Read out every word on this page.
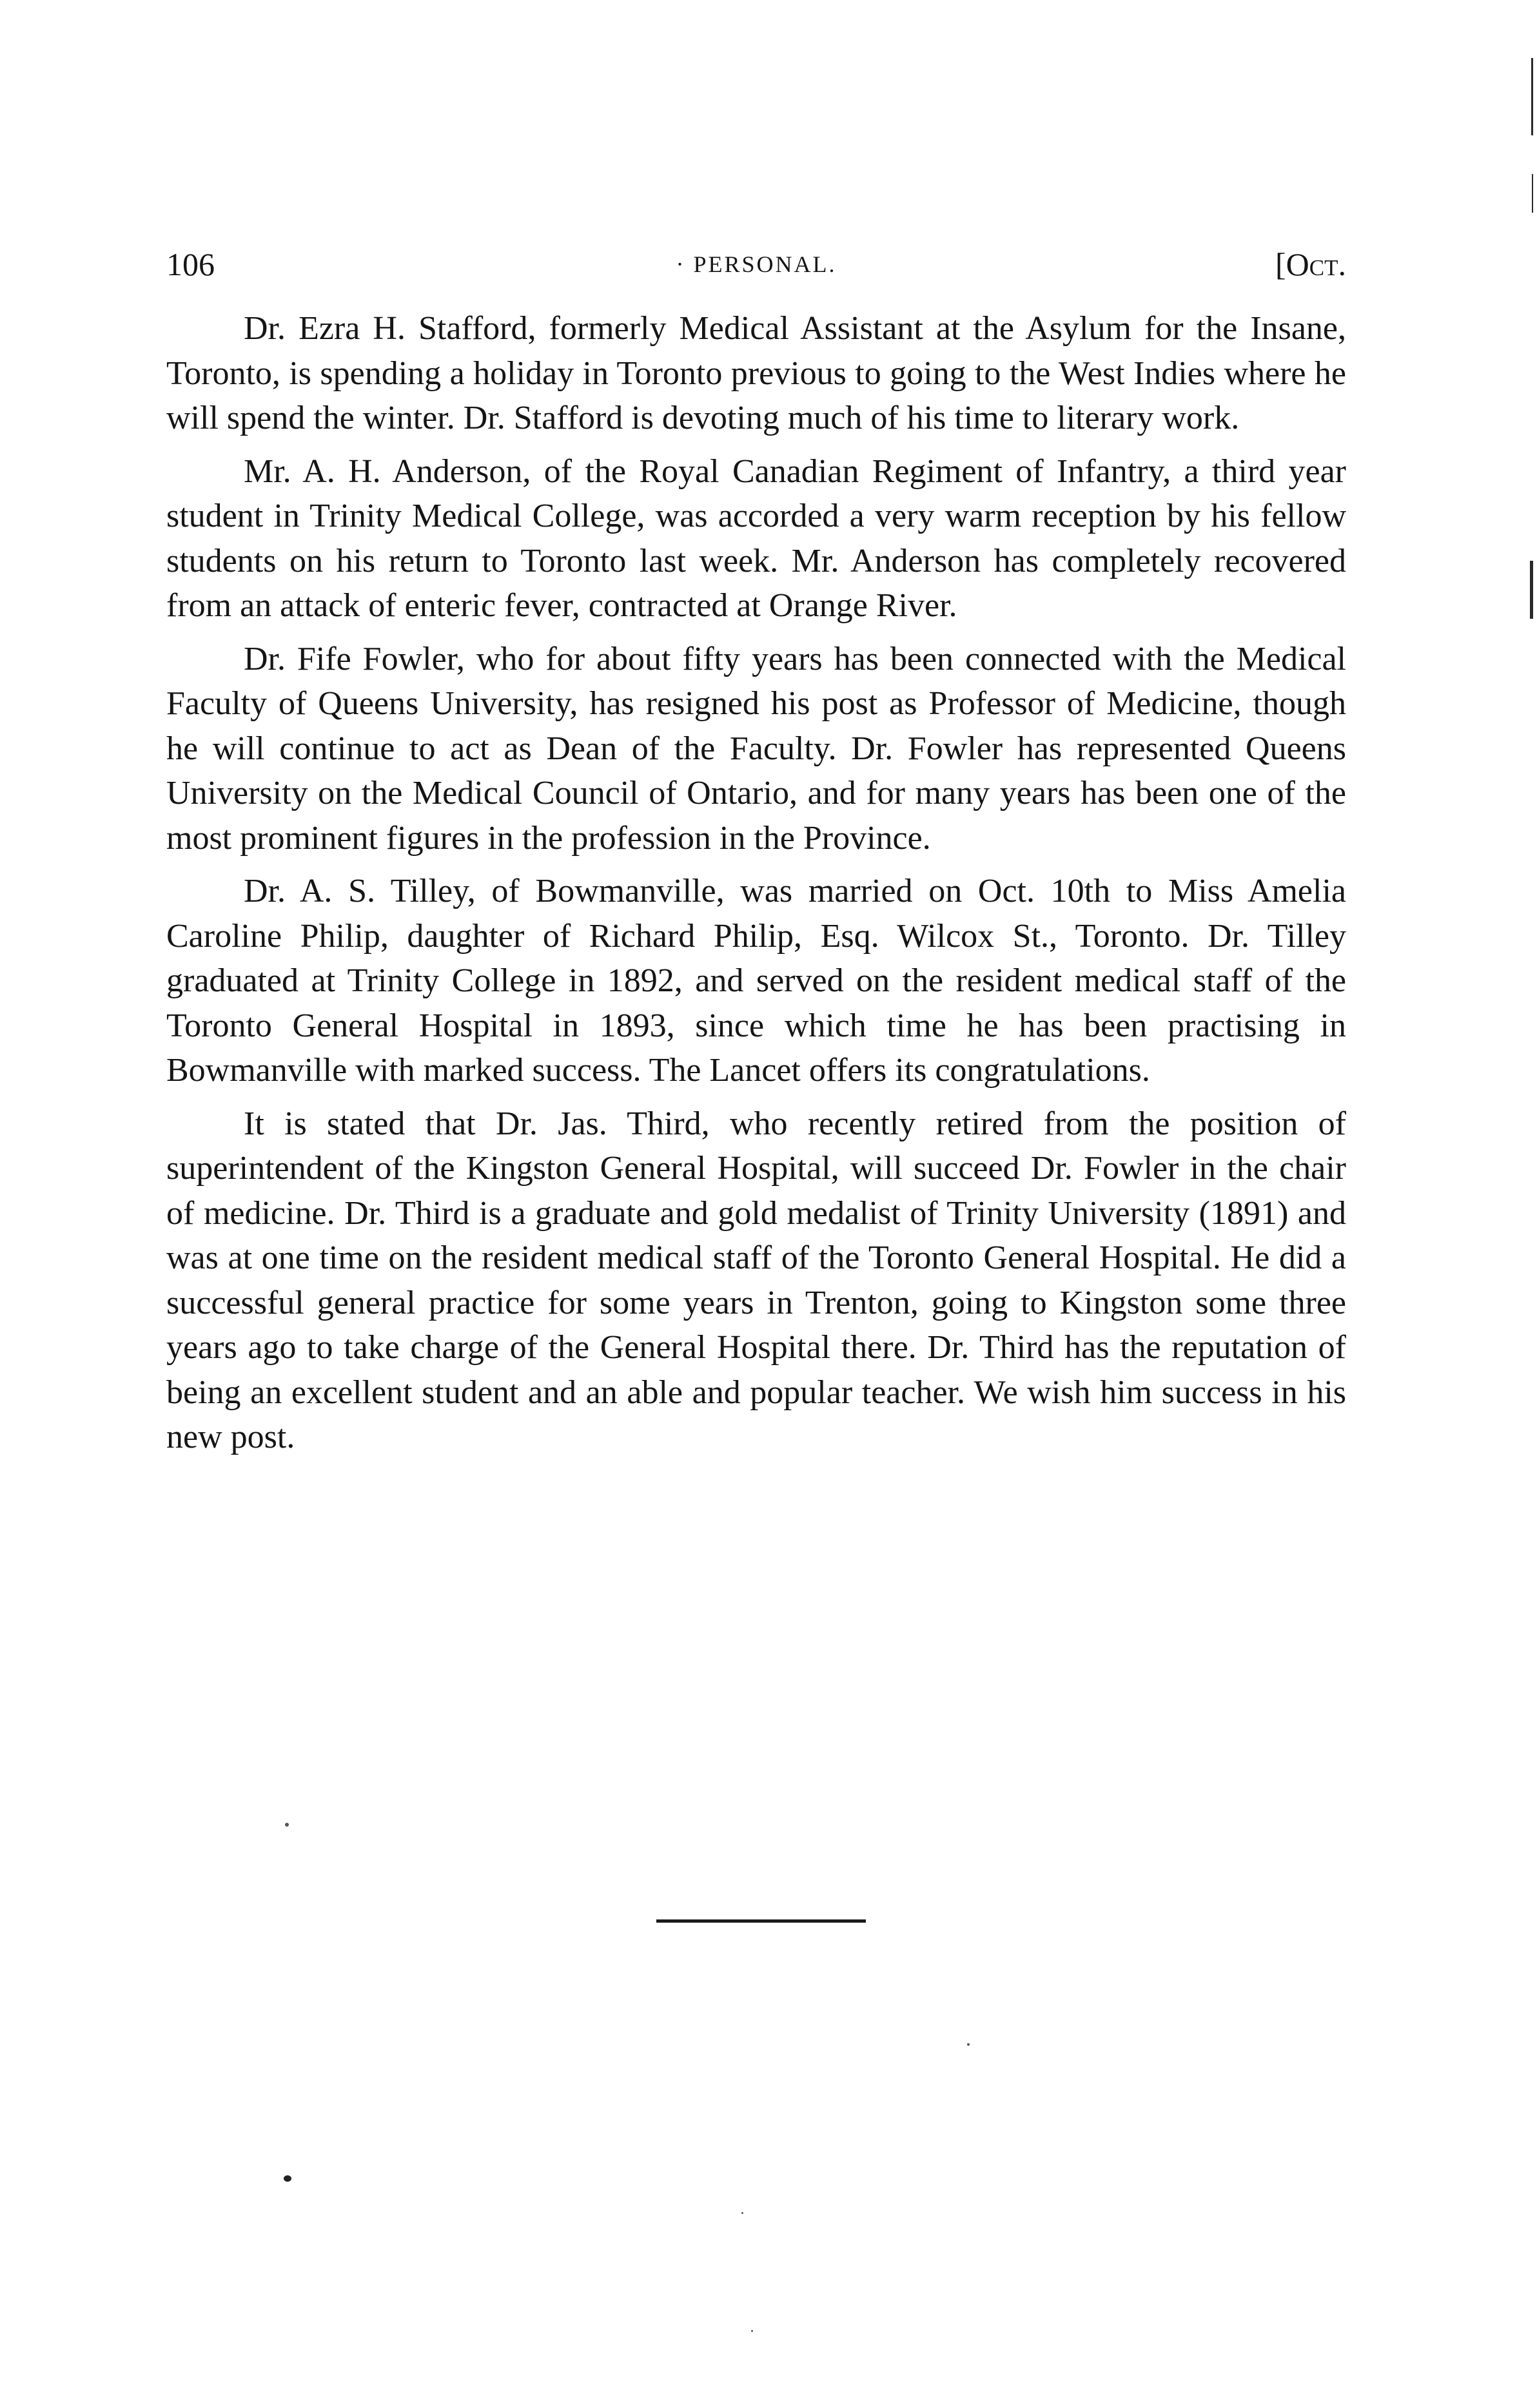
106	· PERSONAL.	[Oct.

Dr. Ezra H. Stafford, formerly Medical Assistant at the Asylum for the Insane, Toronto, is spending a holiday in Toronto previous to going to the West Indies where he will spend the winter. Dr. Stafford is devoting much of his time to literary work.

Mr. A. H. Anderson, of the Royal Canadian Regiment of Infantry, a third year student in Trinity Medical College, was accorded a very warm reception by his fellow students on his return to Toronto last week. Mr. Anderson has completely recovered from an attack of enteric fever, contracted at Orange River.

Dr. Fife Fowler, who for about fifty years has been connected with the Medical Faculty of Queens University, has resigned his post as Professor of Medicine, though he will continue to act as Dean of the Faculty. Dr. Fowler has represented Queens University on the Medical Council of Ontario, and for many years has been one of the most prominent figures in the profession in the Province.

Dr. A. S. Tilley, of Bowmanville, was married on Oct. 10th to Miss Amelia Caroline Philip, daughter of Richard Philip, Esq. Wilcox St., Toronto. Dr. Tilley graduated at Trinity College in 1892, and served on the resident medical staff of the Toronto General Hospital in 1893, since which time he has been practising in Bowmanville with marked success. The Lancet offers its congratulations.

It is stated that Dr. Jas. Third, who recently retired from the position of superintendent of the Kingston General Hospital, will succeed Dr. Fowler in the chair of medicine. Dr. Third is a graduate and gold medalist of Trinity University (1891) and was at one time on the resident medical staff of the Toronto General Hospital. He did a successful general practice for some years in Trenton, going to Kingston some three years ago to take charge of the General Hospital there. Dr. Third has the reputation of being an excellent student and an able and popular teacher. We wish him success in his new post.
